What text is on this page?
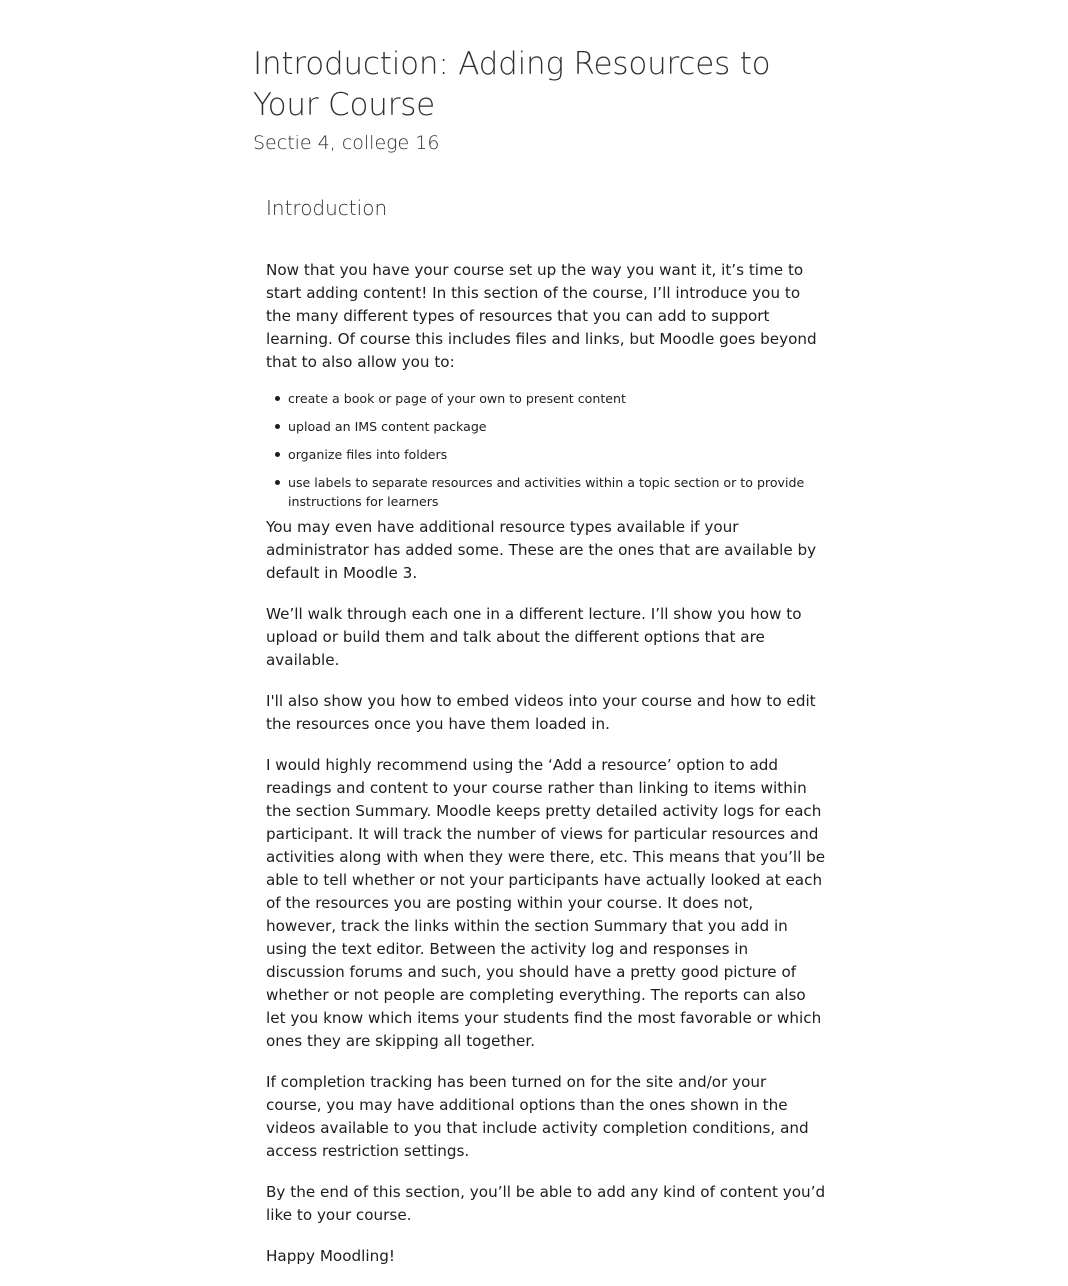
Introduction: Adding Resources to Your Course
Sectie 4, college 16
Introduction

Now that you have your course set up the way you want it, it’s time to start adding content! In this section of the course, I’ll introduce you to the many different types of resources that you can add to support learning. Of course this includes files and links, but Moodle goes beyond that to also allow you to:

create a book or page of your own to present content
upload an IMS content package
organize files into folders
use labels to separate resources and activities within a topic section or to provide instructions for learners

You may even have additional resource types available if your administrator has added some. These are the ones that are available by default in Moodle 3.

We’ll walk through each one in a different lecture. I’ll show you how to upload or build them and talk about the different options that are available.

I'll also show you how to embed videos into your course and how to edit the resources once you have them loaded in.

I would highly recommend using the ‘Add a resource’ option to add readings and content to your course rather than linking to items within the section Summary. Moodle keeps pretty detailed activity logs for each participant. It will track the number of views for particular resources and activities along with when they were there, etc. This means that you’ll be able to tell whether or not your participants have actually looked at each of the resources you are posting within your course. It does not, however, track the links within the section Summary that you add in using the text editor. Between the activity log and responses in discussion forums and such, you should have a pretty good picture of whether or not people are completing everything. The reports can also let you know which items your students find the most favorable or which ones they are skipping all together.

If completion tracking has been turned on for the site and/or your course, you may have additional options than the ones shown in the videos available to you that include activity completion conditions, and access restriction settings.

By the end of this section, you’ll be able to add any kind of content you’d like to your course.

Happy Moodling!
